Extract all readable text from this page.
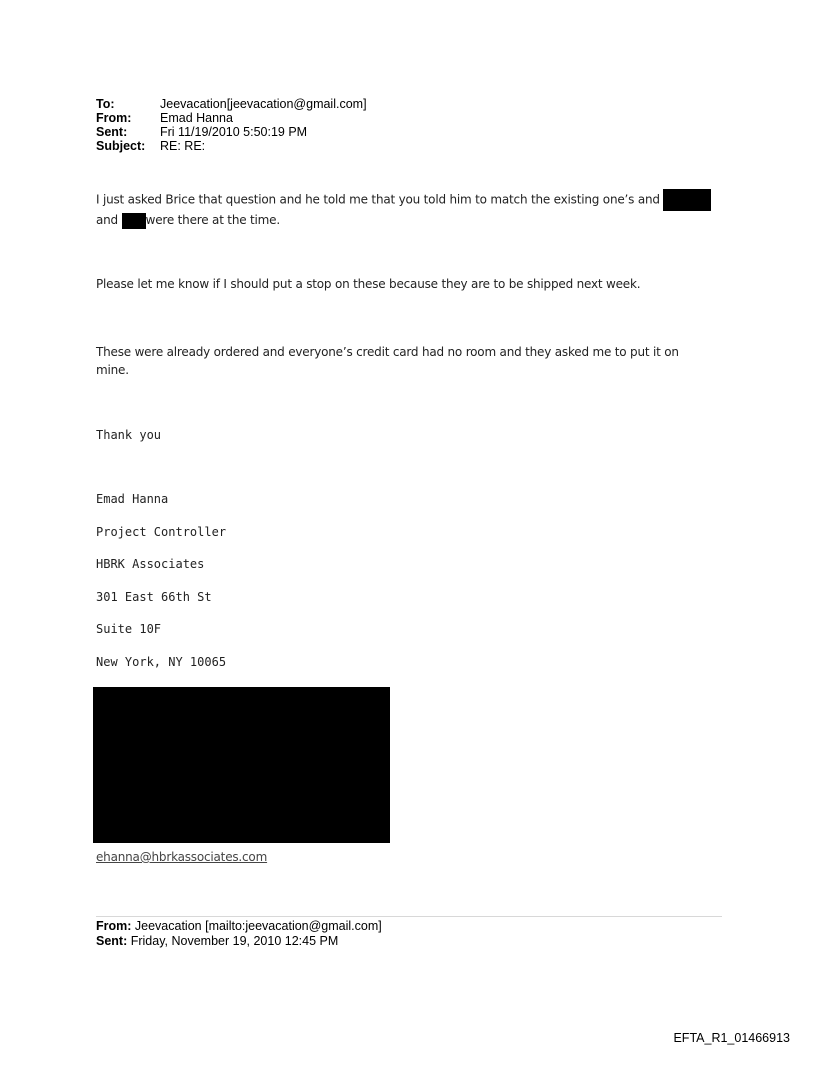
To:	Jeevacation[jeevacation@gmail.com]
From:	Emad Hanna
Sent:	Fri 11/19/2010 5:50:19 PM
Subject:	RE: RE:
I just asked Brice that question and he told me that you told him to match the existing one’s and
and were there at the time.
Please let me know if I should put a stop on these because they are to be shipped next week.
These were already ordered and everyone’s credit card had no room and they asked me to put it on mine.
Thank you
Emad Hanna
Project Controller
HBRK Associates
301 East 66th St
Suite 10F
New York, NY 10065
ehanna@hbrkassociates.com
From: Jeevacation [mailto:jeevacation@gmail.com]
Sent: Friday, November 19, 2010 12:45 PM
EFTA_R1_01466913
